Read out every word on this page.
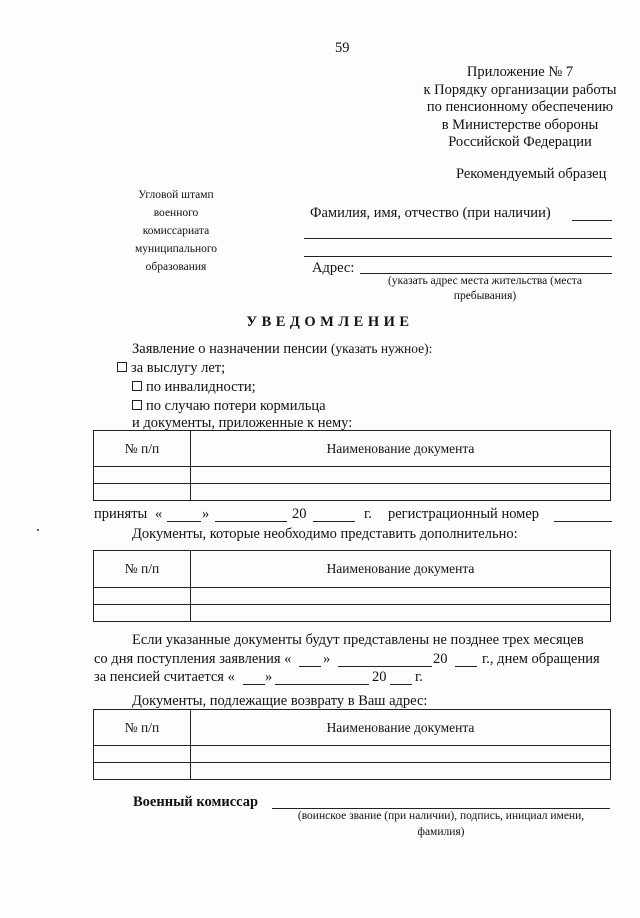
59
Приложение № 7
к Порядку организации работы
по пенсионному обеспечению
в Министерстве обороны
Российской Федерации
Рекомендуемый образец
Угловой штамп
военного
комиссариата
муниципального
образования
Фамилия, имя, отчество (при наличии)
Адрес:
(указать адрес места жительства (места
пребывания)
УВЕДОМЛЕНИЕ
Заявление о назначении пенсии (указать нужное):
за выслугу лет;
по инвалидности;
по случаю потери кормильца
и документы, приложенные к нему:
№ п/п	Наименование документа

приняты «	»	20	г. регистрационный номер
Документы, которые необходимо представить дополнительно:
№ п/п	Наименование документа

Если указанные документы будут представлены не позднее трех месяцев
со дня поступления заявления « »	20 г., днем обращения
за пенсией считается « »	20 г.
Документы, подлежащие возврату в Ваш адрес:
№ п/п	Наименование документа

Военный комиссар
(воинское звание (при наличии), подпись, инициал имени,
фамилия)
